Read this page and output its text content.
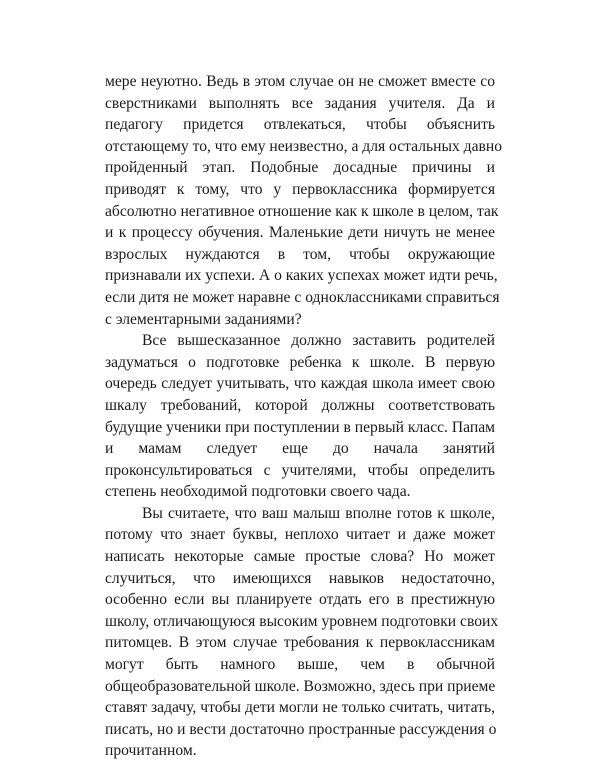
мере неуютно. Ведь в этом случае он не сможет вместе со
сверстниками выполнять все задания учителя. Да и
педагогу придется отвлекаться, чтобы объяснить
отстающему то, что ему неизвестно, а для остальных давно
пройденный этап. Подобные досадные причины и
приводят к тому, что у первоклассника формируется
абсолютно негативное отношение как к школе в целом, так
и к процессу обучения. Маленькие дети ничуть не менее
взрослых нуждаются в том, чтобы окружающие
признавали их успехи. А о каких успехах может идти речь,
если дитя не может наравне с одноклассниками справиться
с элементарными заданиями?
Все вышесказанное должно заставить родителей
задуматься о подготовке ребенка к школе. В первую
очередь следует учитывать, что каждая школа имеет свою
шкалу требований, которой должны соответствовать
будущие ученики при поступлении в первый класс. Папам
и мамам следует еще до начала занятий
проконсультироваться с учителями, чтобы определить
степень необходимой подготовки своего чада.
Вы считаете, что ваш малыш вполне готов к школе,
потому что знает буквы, неплохо читает и даже может
написать некоторые самые простые слова? Но может
случиться, что имеющихся навыков недостаточно,
особенно если вы планируете отдать его в престижную
школу, отличающуюся высоким уровнем подготовки своих
питомцев. В этом случае требования к первоклассникам
могут быть намного выше, чем в обычной
общеобразовательной школе. Возможно, здесь при приеме
ставят задачу, чтобы дети могли не только считать, читать,
писать, но и вести достаточно пространные рассуждения о
прочитанном.
